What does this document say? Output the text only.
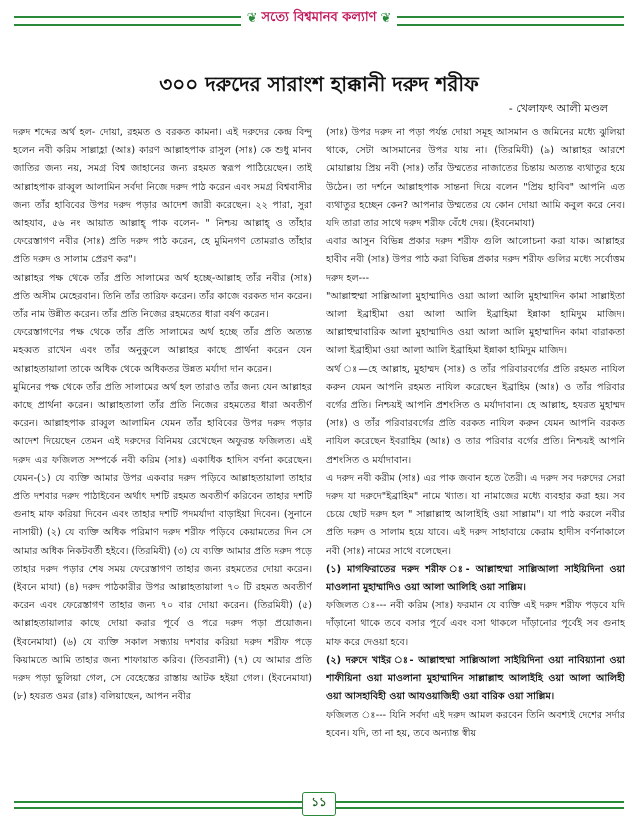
❦ সত্যে বিশ্বমানব কল্যাণ ❦
৩০০ দরুদের সারাংশ হাক্কানী দরুদ শরীফ
- খেলাফৎ আলী মণ্ডল

দরুদ শব্দের অর্থ হল- দোয়া, রহমত ও বরকত কামনা। এই দরুদের কেন্দ্র বিন্দু হলেন নবী করিম সাল্লাহ্লা (আঃ) কারণ আল্লাহপাক রাসুল (সাঃ) কে শুধু মানব জাতির জন্য নয়, সমগ্র বিশ্ব জাহানের জন্য রহমত স্বরূপ পাঠিয়েছেন। তাই আল্লাহপাক রাব্বুল আলামিন সর্বদা নিজে দরুদ পাঠ করেন এবং সমগ্র বিশ্ববাসীর জন্য তাঁর হাবিবের উপর দরুদ পড়ার আদেশ জারী করেছেন। ২২ পারা, সুরা আহযাব, ৫৬ নং আয়াত আল্লাহ্ পাক বলেন- " নিশ্চয় আল্লাহ্ ও তাঁহার ফেরেস্তাগণ নবীর (সাঃ) প্রতি দরুদ পাঠ করেন, হে মুমিনগণ তোমরাও তাঁহার প্রতি দরুদ ও সালাম প্রেরণ কর"।

আল্লাহর পক্ষ থেকে তাঁর প্রতি সালামের অর্থ হচ্ছে-আল্লাহ তাঁর নবীর (সাঃ) প্রতি অসীম মেহেরবান। তিনি তাঁর তারিফ করেন। তাঁর কাজে বরকত দান করেন। তাঁর নাম উন্নীত করেন। তাঁর প্রতি নিজের রহমতের ধারা বর্ষণ করেন।

ফেরেস্তাগণের পক্ষ থেকে তাঁর প্রতি সালামের অর্থ হচ্ছে তাঁর প্রতি অত্যন্ত মহব্বত রাখেন এবং তাঁর অনুকুলে আল্লাহর কাছে প্রার্থনা করেন যেন আল্লাহতায়ালা তাকে অধিক থেকে অধিকতর উন্নত মর্যাদা দান করেন।

মুমিনের পক্ষ থেকে তাঁর প্রতি সালামের অর্থ হল তারাও তাঁর জন্য যেন আল্লাহর কাছে প্রার্থনা করেন। আল্লাহতালা তাঁর প্রতি নিজের রহমতের ধারা অবতীর্ণ করেন। আল্লাহপাক রাব্বুল আলামিন যেমন তাঁর হাবিবের উপর দরুদ পড়ার আদেশ দিয়েছেন তেমন এই দরুদের বিনিময় রেখেছেন অফুরন্ত ফজিলত। এই দরুদ এর ফজিলত সম্পর্কে নবী করিম (সাঃ) একাধিক হাদিস বর্ণনা করেছেন। যেমন-(১) যে ব্যক্তি আমার উপর একবার দরুদ পড়িবে আল্লাহতায়ালা তাহার প্রতি দশবার দরুদ পাঠাইবেন অর্থাৎ দশটি রহমত অবতীর্ণ করিবেন তাহার দশটি গুনাহ মাফ করিয়া দিবেন এবং তাহার দশটি পদমর্যাদা বাড়াইয়া দিবেন। (সুনানে নাসায়ী) (২) যে ব্যক্তি অধিক পরিমাণ দরুদ শরীফ পড়িবে কেয়ামতের দিন সে আমার অধিক নিকটবর্তী হইবে। (তিরমিযী) (৩) যে ব্যক্তি আমার প্রতি দরুদ পড়ে তাহার দরুদ পড়ার শেষ সময় ফেরেস্তাগণ তাহার জন্য রহমতের দোয়া করেন। (ইবনে মাযা) (৪) দরুদ পাঠকারীর উপর আল্লাহতায়ালা ৭০ টি রহমত অবতীর্ণ করেন এবং ফেরেস্তাগণ তাহার জন্য ৭০ বার দোয়া করেন। (তিরমিযী) (৫) আল্লাহতায়ালার কাছে দোয়া করার পূর্বে ও পরে দরুদ পড়া প্রয়োজন। (ইবনেমাযা) (৬) যে ব্যক্তি সকাল সন্ধ্যায় দশবার করিয়া দরুদ শরীফ পড়ে কিয়ামতে আমি তাহার জন্য শাফায়াত করিব। (তিবরানী) (৭) যে আমার প্রতি দরুদ পড়া ভুলিয়া গেল, সে বেহেস্তের রাস্তায় আটক হইয়া গেল। (ইবনেমাযা) (৮) হযরত ওমর (রাঃ) বলিয়াছেন, আপন নবীর

(সাঃ) উপর দরুদ না পড়া পর্যন্ত দোয়া সমূহ আসমান ও জমিনের মধ্যে ঝুলিয়া থাকে, সেটা আসমানের উপর যায় না। (তিরমিযী) (৯) আল্লাহর আরশে মোয়াল্লায় প্রিয় নবী (সাঃ) তাঁর উম্মতের নাজাতের চিন্তায় অত্যন্ত ব্যথাতুর হয়ে উঠেন। তা দর্শনে আল্লাহপাক সান্তনা দিয়ে বলেন "প্রিয় হাবিব" আপনি এত ব্যথাতুর হচ্ছেন কেন? আপনার উম্মতের যে কোন দোয়া আমি কবুল করে নেব। যদি তারা তার সাথে দরুদ শরীফ বেঁধে দেয়। (ইবনেমাযা)

এবার আসুন বিভিন্ন প্রকার দরুদ শরীফ গুলি আলোচনা করা যাক। আল্লাহর হাবীব নবী (সাঃ) উপর পাঠ করা বিভিন্ন প্রকার দরুদ শরীফ গুলির মধ্যে সর্বোত্তম দরুদ হল---

"আল্লাহুম্মা সাল্লিআলা মুহাম্মাদিও ওয়া আলা আলি মুহাম্মাদিন কামা সাল্লাইতা আলা ইব্রাহীমা ওয়া আলা আলি ইব্রাহিমা ইন্নাকা হামিদুম মাজিদ। আল্লাহুম্মাবারিক আলা মুহাম্মাদিও ওয়া আলা আলি মুহাম্মাদিন কামা বারাকতা আলা ইব্রাহীমা ওয়া আলা আলি ইব্রাহিমা ইন্নাকা হামিদুম মাজিদ।

অর্থ ঃ—হে আল্লাহ, মুহাম্মদ (সাঃ) ও তাঁর পরিবারবর্গের প্রতি রহমত নাযিল করুন যেমন আপনি রহমত নাযিল করেছেন ইব্রাহিম (আঃ) ও তাঁর পরিবার বর্গের প্রতি। নিশ্চয়ই আপনি প্রশংসিত ও মর্যাদাবান। হে আল্লাহ, হযরত মুহাম্মদ (সাঃ) ও তাঁর পরিবারবর্গের প্রতি বরকত নাযিল করুন যেমন আপনি বরকত নাযিল করেছেন ইবরাহিম (আঃ) ও তার পরিবার বর্গের প্রতি। নিশ্চয়ই আপনি প্রশংসিত ও মর্যাদাবান।

এ দরুদ নবী করীম (সাঃ) এর পাক জবান হতে তৈরী। এ দরুদ সব দরুদের সেরা দরুদ যা দরুদে"ইব্রাহিম" নামে খ্যাত। যা নামাজের মধ্যে ব্যবহার করা হয়। সব চেয়ে ছোট দরুদ হল " সাল্লাল্লাহু আলাইহি ওয়া সাল্লাম"। যা পাঠ করলে নবীর প্রতি দরুদ ও সালাম হয়ে যাবে। এই দরুদ সাহাবায়ে কেরাম হাদীস বর্ণনাকালে নবী (সাঃ) নামের সাথে বলেছেন।

(১) মাগফিরাতের দরুদ শরীফ ঃ- আল্লাহুম্মা সাল্লিআলা সাইয়িদিনা ওয়া মাওলানা মুহাম্মাদিও ওয়া আলা আলিহি ওয়া সাল্লিম।

ফজিলত ঃ--- নবী করিম (সাঃ) ফরমান যে ব্যক্তি এই দরুদ শরীফ পড়বে যদি দাঁড়ানো থাকে তবে বসার পূর্বে এবং বসা থাকলে দাঁড়ানোর পূর্বেই সব গুনাহ মাফ করে দেওয়া হবে।

(২) দরুদে খাইর ঃ- আল্লাহুম্মা সাল্লিআলা সাইয়িদিনা ওয়া নাবিয়্যানা ওয়া শাফীয়িনা ওয়া মাওলানা মুহাম্মাদিন সাল্লাল্লাহু আলাইহি ওয়া আলা আলিহী ওয়া আসহাবিহী ওয়া আযওয়াজিহী ওয়া বারিক ওয়া সাল্লিম।

ফজিলত ঃ--- যিনি সর্বদা এই দরুদ আমল করবেন তিনি অবশ্যই দেশের সর্দার হবেন। যদি, তা না হয়, তবে অন্যান্ত স্বীয়

১১
